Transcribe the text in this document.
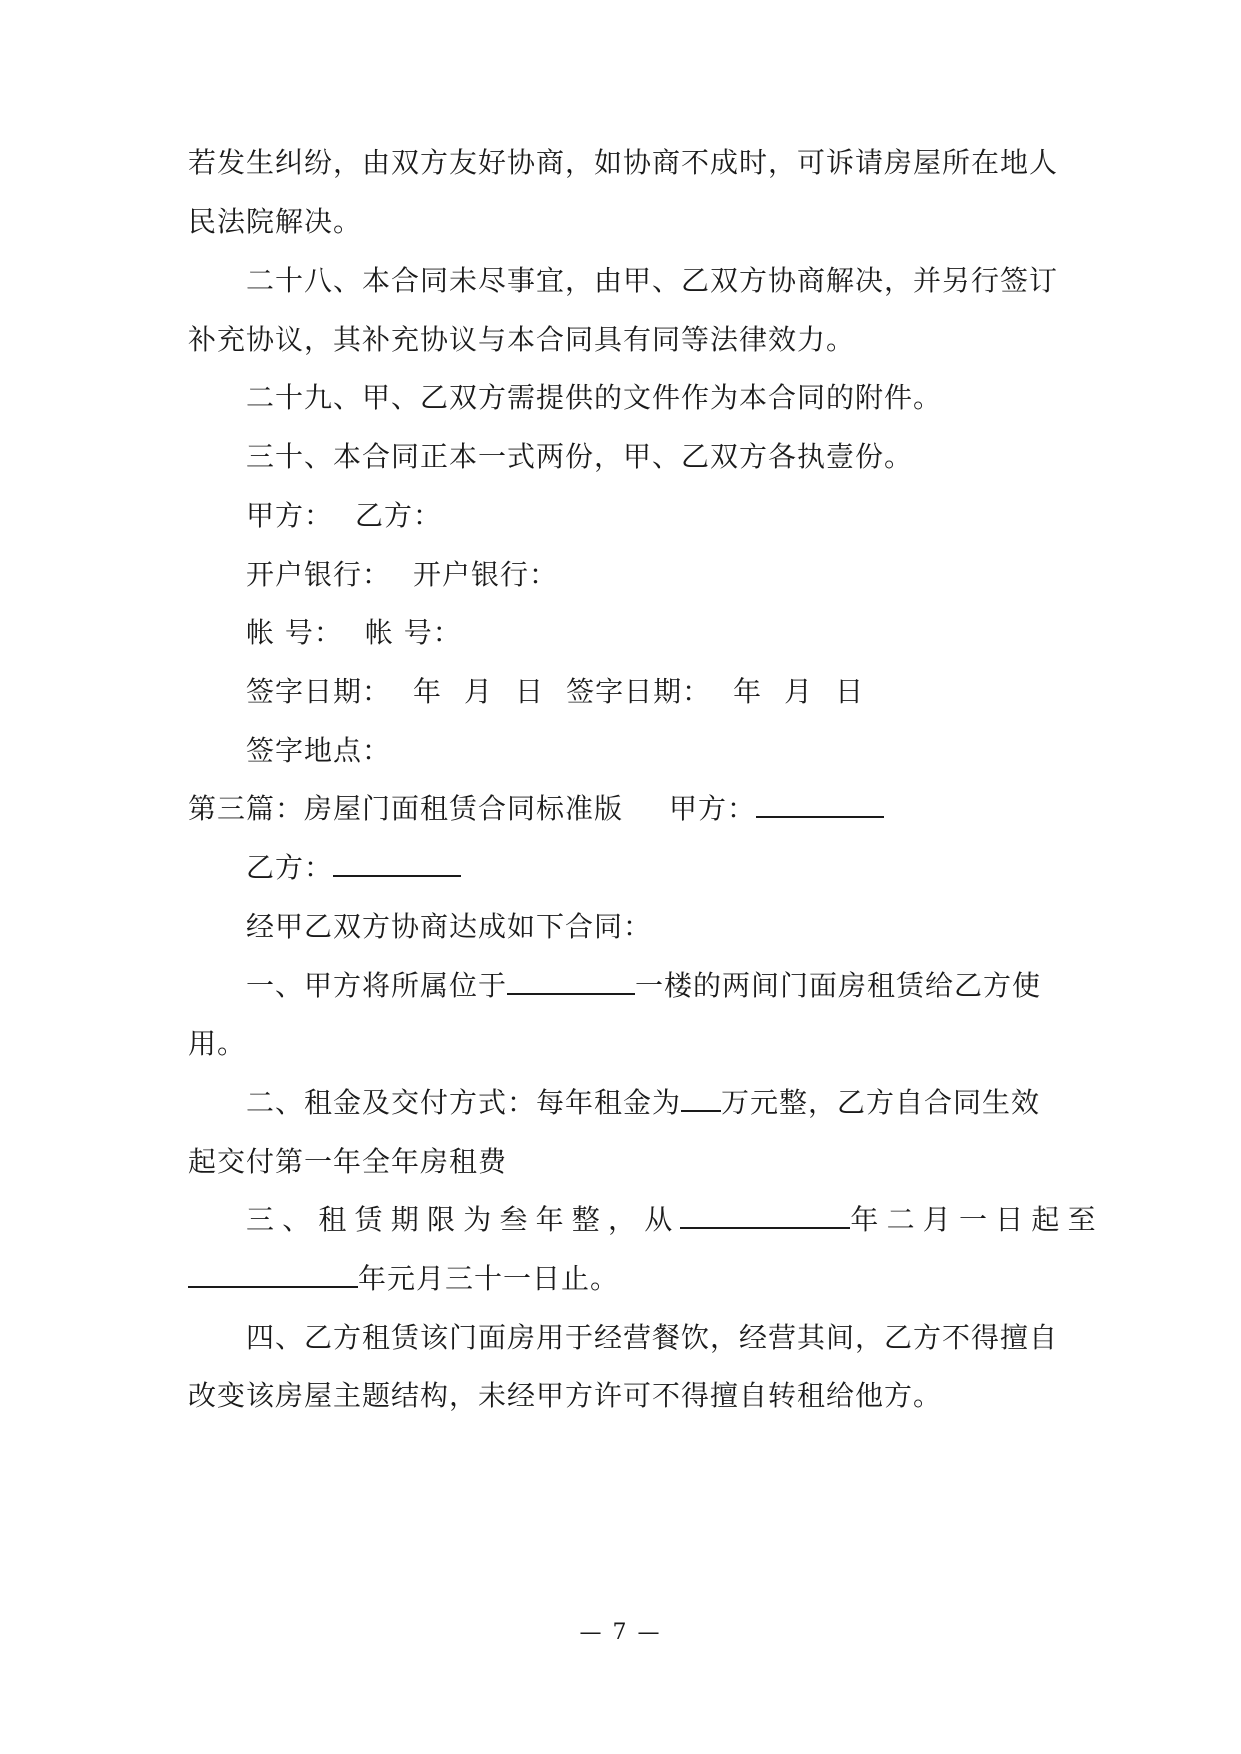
若发生纠纷，由双方友好协商，如协商不成时，可诉请房屋所在地人
民法院解决。
二十八、本合同未尽事宜，由甲、乙双方协商解决，并另行签订
补充协议，其补充协议与本合同具有同等法律效力。
二十九、甲、乙双方需提供的文件作为本合同的附件。
三十、本合同正本一式两份，甲、乙双方各执壹份。
甲方： 乙方：
开户银行： 开户银行：
帐 号： 帐 号：
签字日期： 年 月 日 签字日期： 年 月 日
签字地点：
第三篇：房屋门面租赁合同标准版 甲方：
乙方：
经甲乙双方协商达成如下合同：
一、甲方将所属位于	一楼的两间门面房租赁给乙方使
用。
二、租金及交付方式：每年租金为 万元整，乙方自合同生效
起交付第一年全年房租费
三、租赁期限为叁年整，从	年二月一日起至
年元月三十一日止。
四、乙方租赁该门面房用于经营餐饮，经营其间，乙方不得擅自
改变该房屋主题结构，未经甲方许可不得擅自转租给他方。
— 7 —
